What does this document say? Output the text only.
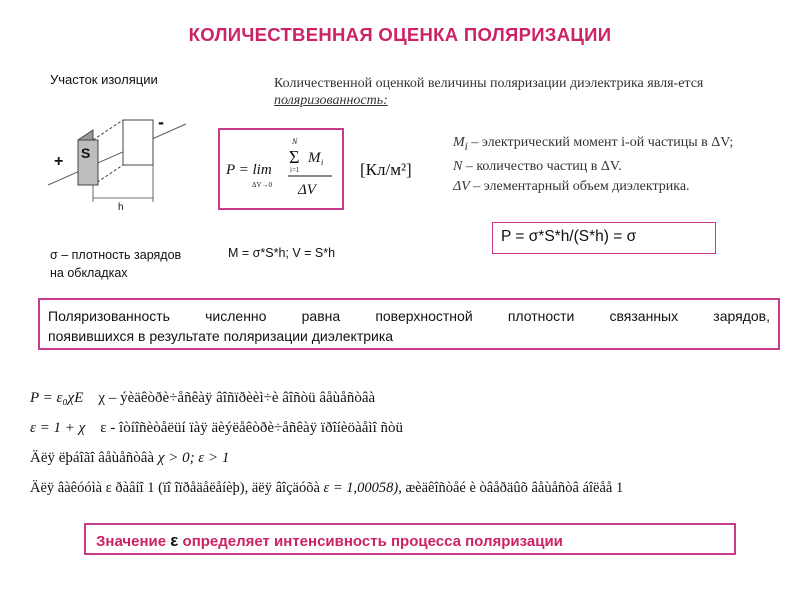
КОЛИЧЕСТВЕННАЯ ОЦЕНКА ПОЛЯРИЗАЦИИ
Участок изоляции
S
+
-
h
Количественной оценкой величины поляризации диэлектрика явля-ется поляризованность:
P = lim
ΔV→0
N
Σ
i=1
M i
ΔV
[Кл/м²]
$M_i$ – электрический момент i-ой частицы в ΔV;
N – количество частиц в ΔV.
ΔV – элементарный объем диэлектрика.
σ – плотность зарядов
на обкладках
M = σ*S*h; V = S*h
P = σ*S*h/(S*h) = σ
Поляризованность численно равна поверхностной плотности связанных зарядов,
появившихся в результате поляризации диэлектрика
P = ε₀χE χ – ýèäêòðè÷åñêàÿ âîñïðèèì÷è âîñòü âåùåñòâà
ε = 1 + χ ε - îòíîñèòåëüí ïàÿ äèýëåêòðè÷åñêàÿ ïðîíèöàåìî ñòü
Äëÿ ëþáîãî âåùåñòâà χ > 0; ε > 1
Äëÿ âàêóóìà ε ðàâíî 1 (ïî îïðåäåëåíèþ), äëÿ âîçäóõà ε = 1,00058), æèäêîñòåé è òâåðäûõ âåùåñòâ áîëåå 1
Значение ε определяет интенсивность процесса поляризации
